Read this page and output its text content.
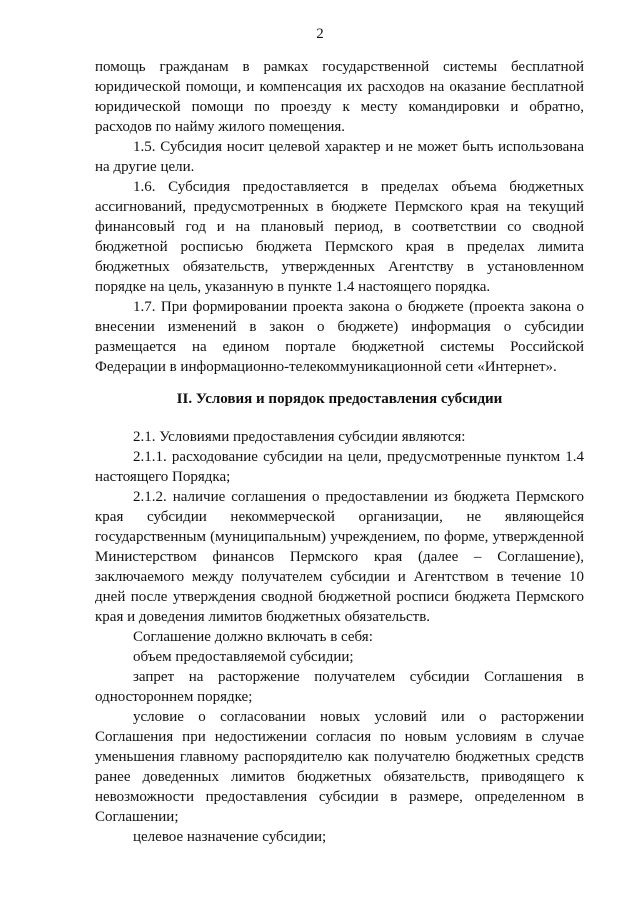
2

помощь гражданам в рамках государственной системы бесплатной юридической помощи, и компенсация их расходов на оказание бесплатной юридической помощи по проезду к месту командировки и обратно, расходов по найму жилого помещения.

1.5. Субсидия носит целевой характер и не может быть использована на другие цели.

1.6. Субсидия предоставляется в пределах объема бюджетных ассигнований, предусмотренных в бюджете Пермского края на текущий финансовый год и на плановый период, в соответствии со сводной бюджетной росписью бюджета Пермского края в пределах лимита бюджетных обязательств, утвержденных Агентству в установленном порядке на цель, указанную в пункте 1.4 настоящего порядка.

1.7. При формировании проекта закона о бюджете (проекта закона о внесении изменений в закон о бюджете) информация о субсидии размещается на едином портале бюджетной системы Российской Федерации в информационно-телекоммуникационной сети «Интернет».

II. Условия и порядок предоставления субсидии

2.1. Условиями предоставления субсидии являются:

2.1.1. расходование субсидии на цели, предусмотренные пунктом 1.4 настоящего Порядка;

2.1.2. наличие соглашения о предоставлении из бюджета Пермского края субсидии некоммерческой организации, не являющейся государственным (муниципальным) учреждением, по форме, утвержденной Министерством финансов Пермского края (далее – Соглашение), заключаемого между получателем субсидии и Агентством в течение 10 дней после утверждения сводной бюджетной росписи бюджета Пермского края и доведения лимитов бюджетных обязательств.

Соглашение должно включать в себя:

объем предоставляемой субсидии;

запрет на расторжение получателем субсидии Соглашения в одностороннем порядке;

условие о согласовании новых условий или о расторжении Соглашения при недостижении согласия по новым условиям в случае уменьшения главному распорядителю как получателю бюджетных средств ранее доведенных лимитов бюджетных обязательств, приводящего к невозможности предоставления субсидии в размере, определенном в Соглашении;

целевое назначение субсидии;
